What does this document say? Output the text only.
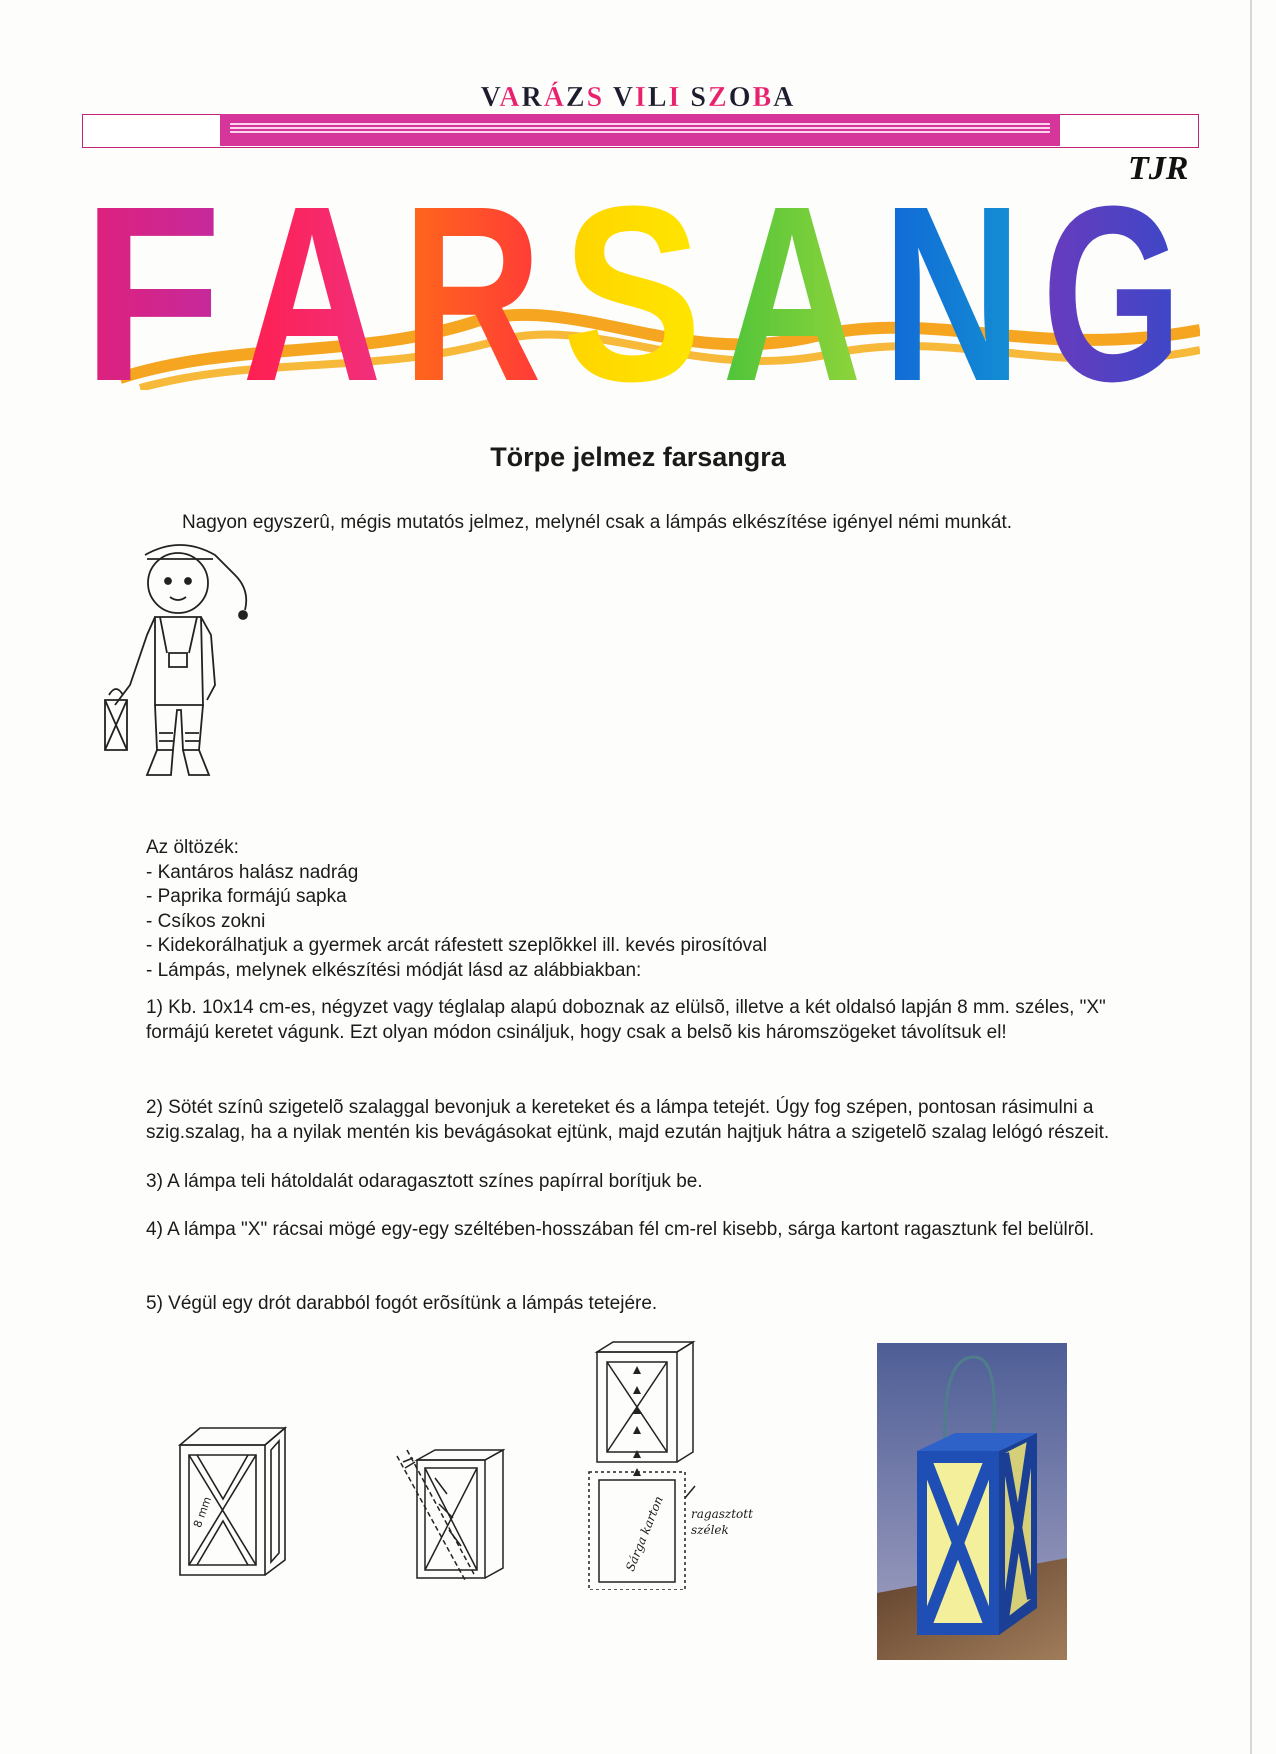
VARÁZS VILI SZOBA
TJR
F A R S A N G
Törpe jelmez farsangra
Nagyon egyszerû, mégis mutatós jelmez, melynél csak a lámpás elkészítése igényel némi munkát.
Az öltözék:
- Kantáros halász nadrág
- Paprika formájú sapka
- Csíkos zokni
- Kidekorálhatjuk a gyermek arcát ráfestett szeplõkkel ill. kevés pirosítóval
- Lámpás, melynek elkészítési módját lásd az alábbiakban:
1) Kb. 10x14 cm-es, négyzet vagy téglalap alapú doboznak az elülsõ, illetve a két oldalsó lapján 8 mm. széles, "X" formájú keretet vágunk. Ezt olyan módon csináljuk, hogy csak a belsõ kis háromszögeket távolítsuk el!
2) Sötét színû szigetelõ szalaggal bevonjuk a kereteket és a lámpa tetejét. Úgy fog szépen, pontosan rásimulni a szig.szalag, ha a nyilak mentén kis bevágásokat ejtünk, majd ezután hajtjuk hátra a szigetelõ szalag lelógó részeit.
3) A lámpa teli hátoldalát odaragasztott színes papírral borítjuk be.
4) A lámpa "X" rácsai mögé egy-egy széltében-hosszában fél cm-rel kisebb, sárga kartont ragasztunk fel belülrõl.
5) Végül egy drót darabból fogót erõsítünk a lámpás tetejére.
8 mm	Sárga karton	ragasztott szélek
